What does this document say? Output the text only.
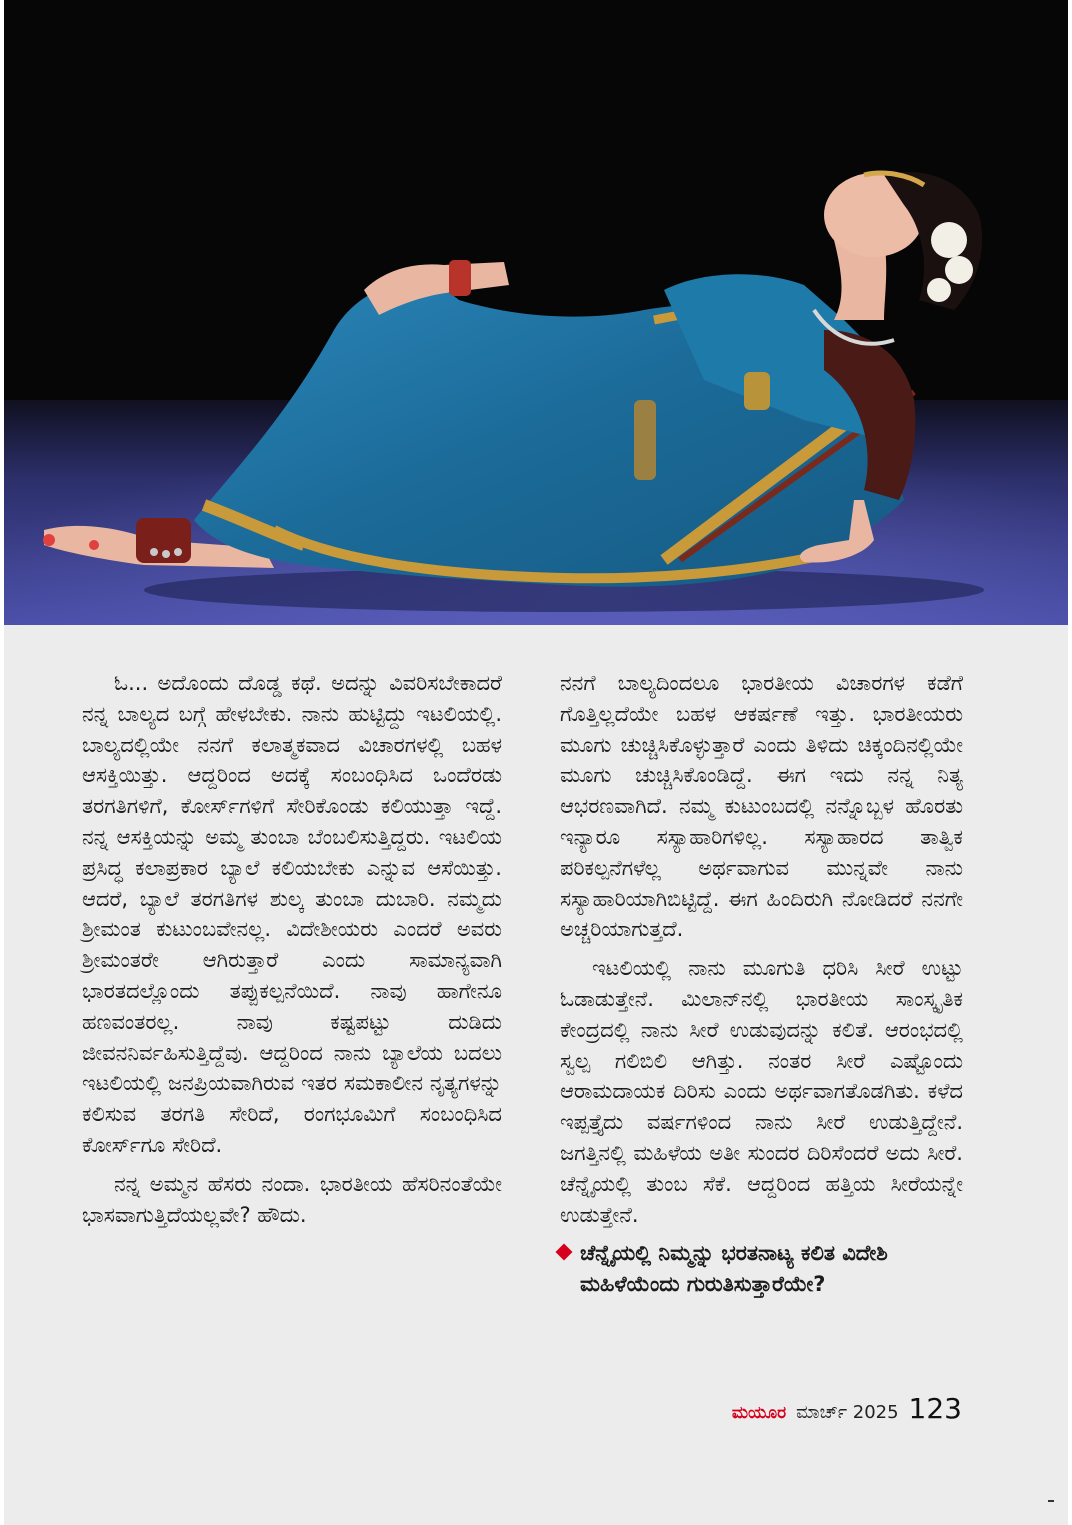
ಓ... ಅದೊಂದು ದೊಡ್ಡ ಕಥೆ. ಅದನ್ನು ವಿವರಿಸಬೇಕಾದರೆ ನನ್ನ ಬಾಲ್ಯದ ಬಗ್ಗೆ ಹೇಳಬೇಕು. ನಾನು ಹುಟ್ಟಿದ್ದು ಇಟಲಿಯಲ್ಲಿ. ಬಾಲ್ಯದಲ್ಲಿಯೇ ನನಗೆ ಕಲಾತ್ಮಕವಾದ ವಿಚಾರಗಳಲ್ಲಿ ಬಹಳ ಆಸಕ್ತಿಯಿತ್ತು. ಆದ್ದರಿಂದ ಅದಕ್ಕೆ ಸಂಬಂಧಿಸಿದ ಒಂದೆರಡು ತರಗತಿಗಳಿಗೆ, ಕೋರ್ಸ್‌ಗಳಿಗೆ ಸೇರಿಕೊಂಡು ಕಲಿಯುತ್ತಾ ಇದ್ದೆ. ನನ್ನ ಆಸಕ್ತಿಯನ್ನು ಅಮ್ಮ ತುಂಬಾ ಬೆಂಬಲಿಸುತ್ತಿದ್ದರು. ಇಟಲಿಯ ಪ್ರಸಿದ್ಧ ಕಲಾಪ್ರಕಾರ ಬ್ಯಾಲೆ ಕಲಿಯಬೇಕು ಎನ್ನುವ ಆಸೆಯಿತ್ತು. ಆದರೆ, ಬ್ಯಾಲೆ ತರಗತಿಗಳ ಶುಲ್ಕ ತುಂಬಾ ದುಬಾರಿ. ನಮ್ಮದು ಶ್ರೀಮಂತ ಕುಟುಂಬವೇನಲ್ಲ. ವಿದೇಶೀಯರು ಎಂದರೆ ಅವರು ಶ್ರೀಮಂತರೇ ಆಗಿರುತ್ತಾರೆ ಎಂದು ಸಾಮಾನ್ಯವಾಗಿ ಭಾರತದಲ್ಲೊಂದು ತಪ್ಪುಕಲ್ಪನೆಯಿದೆ. ನಾವು ಹಾಗೇನೂ ಹಣವಂತರಲ್ಲ. ನಾವು ಕಷ್ಟಪಟ್ಟು ದುಡಿದು ಜೀವನನಿರ್ವಹಿಸುತ್ತಿದ್ದೆವು. ಆದ್ದರಿಂದ ನಾನು ಬ್ಯಾಲೆಯ ಬದಲು ಇಟಲಿಯಲ್ಲಿ ಜನಪ್ರಿಯವಾಗಿರುವ ಇತರ ಸಮಕಾಲೀನ ನೃತ್ಯಗಳನ್ನು ಕಲಿಸುವ ತರಗತಿ ಸೇರಿದೆ, ರಂಗಭೂಮಿಗೆ ಸಂಬಂಧಿಸಿದ ಕೋರ್ಸ್‌ಗೂ ಸೇರಿದೆ.

ನನ್ನ ಅಮ್ಮನ ಹೆಸರು ನಂದಾ. ಭಾರತೀಯ ಹೆಸರಿನಂತೆಯೇ ಭಾಸವಾಗುತ್ತಿದೆಯಲ್ಲವೇ? ಹೌದು.

ನನಗೆ ಬಾಲ್ಯದಿಂದಲೂ ಭಾರತೀಯ ವಿಚಾರಗಳ ಕಡೆಗೆ ಗೊತ್ತಿಲ್ಲದೆಯೇ ಬಹಳ ಆಕರ್ಷಣೆ ಇತ್ತು. ಭಾರತೀಯರು ಮೂಗು ಚುಚ್ಚಿಸಿಕೊಳ್ಳುತ್ತಾರೆ ಎಂದು ತಿಳಿದು ಚಿಕ್ಕಂದಿನಲ್ಲಿಯೇ ಮೂಗು ಚುಚ್ಚಿಸಿಕೊಂಡಿದ್ದೆ. ಈಗ ಇದು ನನ್ನ ನಿತ್ಯ ಆಭರಣವಾಗಿದೆ. ನಮ್ಮ ಕುಟುಂಬದಲ್ಲಿ ನನ್ನೊಬ್ಬಳ ಹೊರತು ಇನ್ಯಾರೂ ಸಸ್ಯಾಹಾರಿಗಳಿಲ್ಲ. ಸಸ್ಯಾಹಾರದ ತಾತ್ವಿಕ ಪರಿಕಲ್ಪನೆಗಳೆಲ್ಲ ಅರ್ಥವಾಗುವ ಮುನ್ನವೇ ನಾನು ಸಸ್ಯಾಹಾರಿಯಾಗಿಬಿಟ್ಟಿದ್ದೆ. ಈಗ ಹಿಂದಿರುಗಿ ನೋಡಿದರೆ ನನಗೇ ಅಚ್ಚರಿಯಾಗುತ್ತದೆ.

ಇಟಲಿಯಲ್ಲಿ ನಾನು ಮೂಗುತಿ ಧರಿಸಿ ಸೀರೆ ಉಟ್ಟು ಓಡಾಡುತ್ತೇನೆ. ಮಿಲಾನ್‌ನಲ್ಲಿ ಭಾರತೀಯ ಸಾಂಸ್ಕೃತಿಕ ಕೇಂದ್ರದಲ್ಲಿ ನಾನು ಸೀರೆ ಉಡುವುದನ್ನು ಕಲಿತೆ. ಆರಂಭದಲ್ಲಿ ಸ್ವಲ್ಪ ಗಲಿಬಿಲಿ ಆಗಿತ್ತು. ನಂತರ ಸೀರೆ ಎಷ್ಟೊಂದು ಆರಾಮದಾಯಕ ದಿರಿಸು ಎಂದು ಅರ್ಥವಾಗತೊಡಗಿತು. ಕಳೆದ ಇಪ್ಪತ್ತೈದು ವರ್ಷಗಳಿಂದ ನಾನು ಸೀರೆ ಉಡುತ್ತಿದ್ದೇನೆ. ಜಗತ್ತಿನಲ್ಲಿ ಮಹಿಳೆಯ ಅತೀ ಸುಂದರ ದಿರಿಸೆಂದರೆ ಅದು ಸೀರೆ. ಚೆನ್ನೈಯಲ್ಲಿ ತುಂಬ ಸೆಕೆ. ಆದ್ದರಿಂದ ಹತ್ತಿಯ ಸೀರೆಯನ್ನೇ ಉಡುತ್ತೇನೆ.

ಚೆನ್ನೈಯಲ್ಲಿ ನಿಮ್ಮನ್ನು ಭರತನಾಟ್ಯ ಕಲಿತ ವಿದೇಶಿ ಮಹಿಳೆಯೆಂದು ಗುರುತಿಸುತ್ತಾರೆಯೇ?

ಮಯೂರ ಮಾರ್ಚ್ 2025 123
